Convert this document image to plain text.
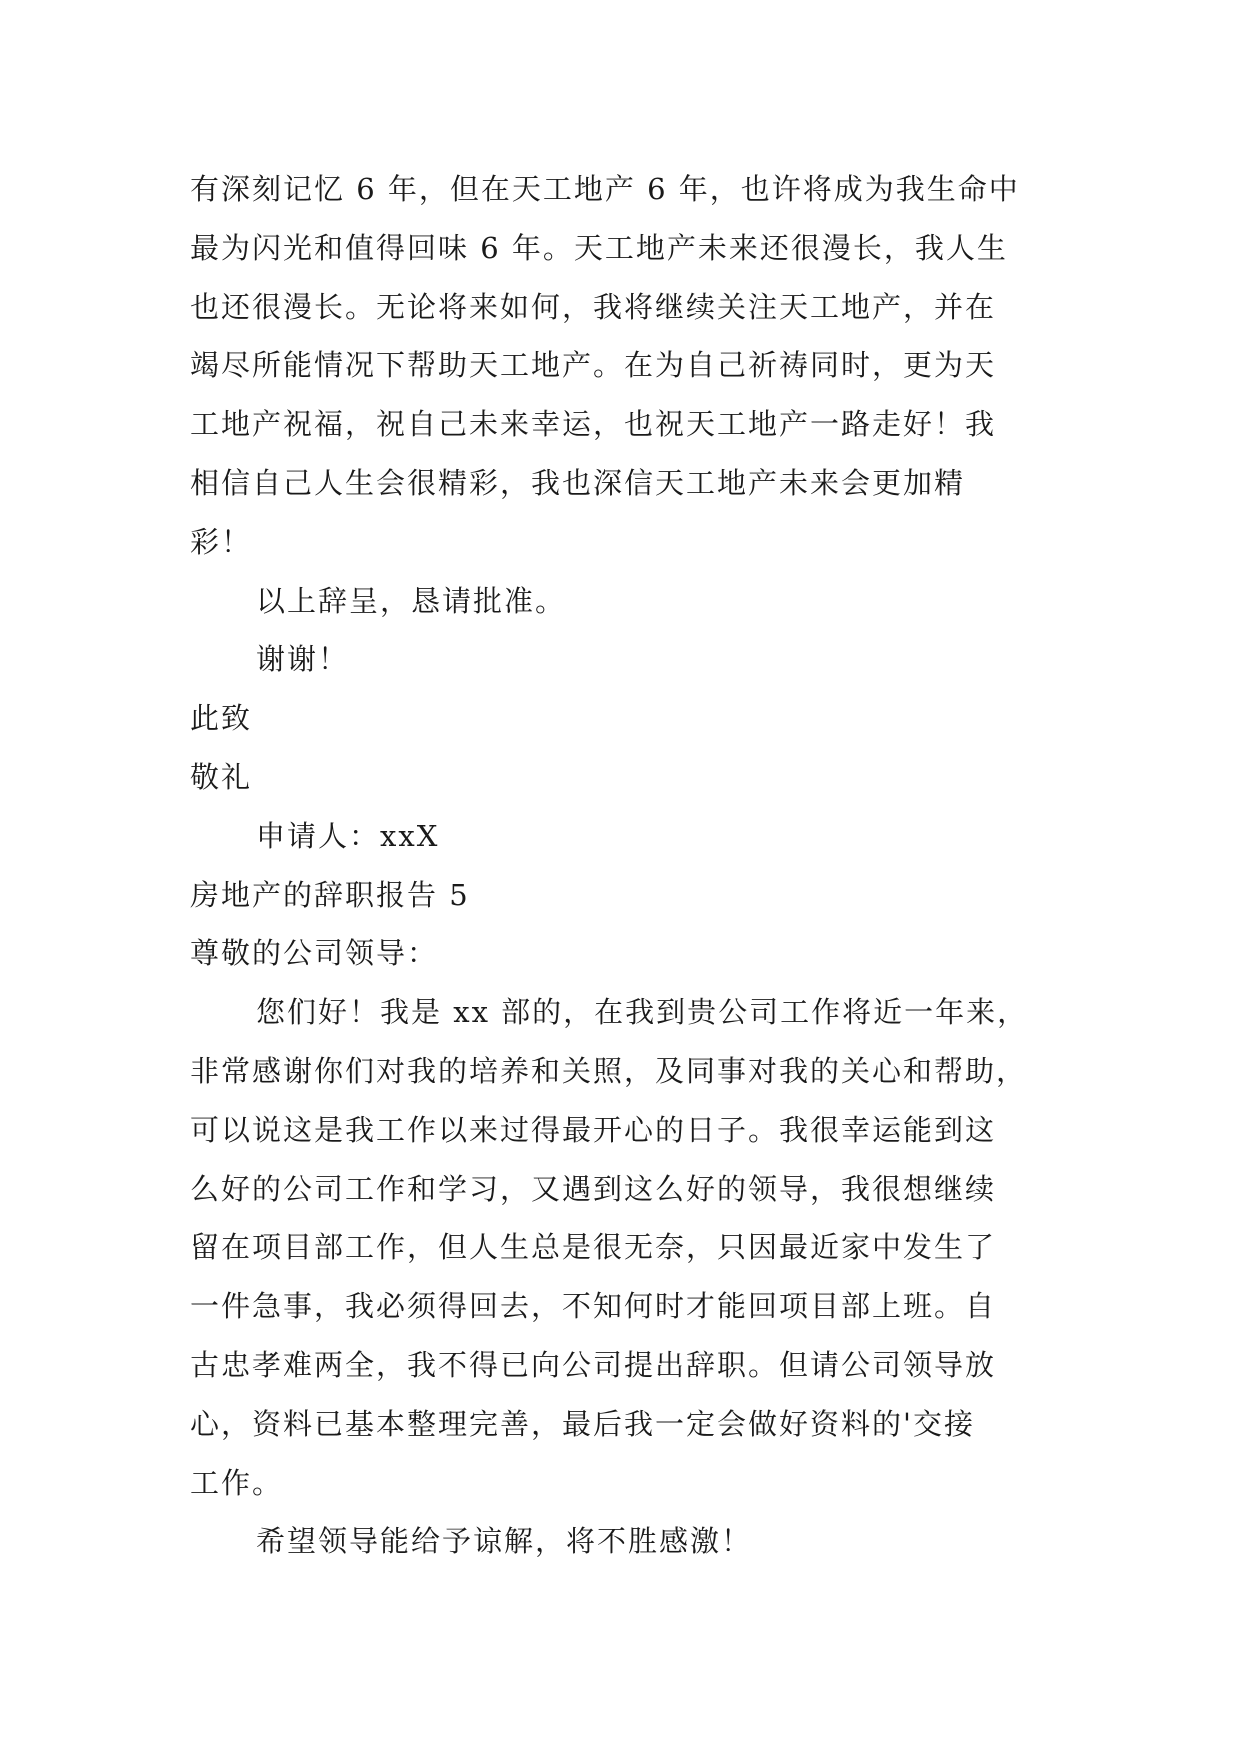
有深刻记忆 6 年，但在天工地产 6 年，也许将成为我生命中
最为闪光和值得回味 6 年。天工地产未来还很漫长，我人生
也还很漫长。无论将来如何，我将继续关注天工地产，并在
竭尽所能情况下帮助天工地产。在为自己祈祷同时，更为天
工地产祝福，祝自己未来幸运，也祝天工地产一路走好！我
相信自己人生会很精彩，我也深信天工地产未来会更加精
彩！
以上辞呈，恳请批准。
谢谢！
此致
敬礼
申请人：xxX
房地产的辞职报告 5
尊敬的公司领导：
您们好！我是 xx 部的，在我到贵公司工作将近一年来，
非常感谢你们对我的培养和关照，及同事对我的关心和帮助，
可以说这是我工作以来过得最开心的日子。我很幸运能到这
么好的公司工作和学习，又遇到这么好的领导，我很想继续
留在项目部工作，但人生总是很无奈，只因最近家中发生了
一件急事，我必须得回去，不知何时才能回项目部上班。自
古忠孝难两全，我不得已向公司提出辞职。但请公司领导放
心，资料已基本整理完善，最后我一定会做好资料的'交接
工作。
希望领导能给予谅解，将不胜感激！
